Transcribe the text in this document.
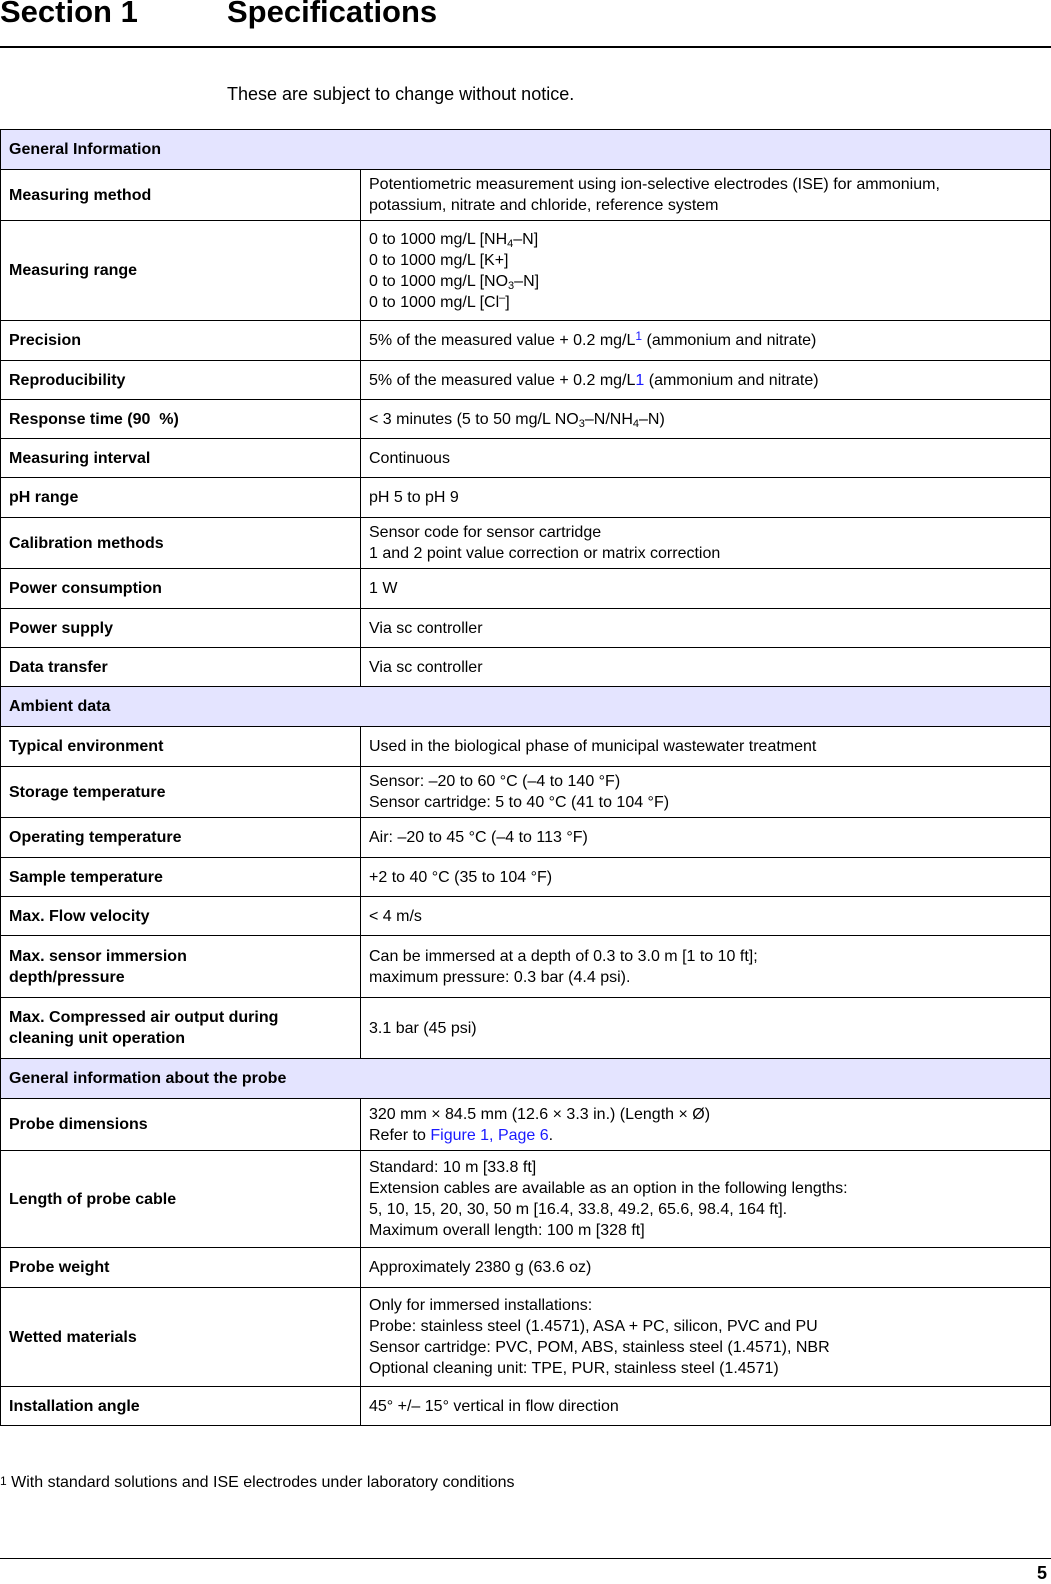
Section 1	Specifications
These are subject to change without notice.
General Information	
Measuring method	Potentiometric measurement using ion-selective electrodes (ISE) for ammonium,
potassium, nitrate and chloride, reference system
Measuring range	0 to 1000 mg/L $[NH_4-N]$
0 to 1000 mg/L [K+]
0 to 1000 mg/L $[NO_3-N]$
0 to 1000 mg/L [Cl–]
Precision	5% of the measured value + 0.2 mg/L$^1$ (ammonium and nitrate)
Reproducibility	5% of the measured value + 0.2 mg/L1 (ammonium and nitrate)
Response time (90  %)	< 3 minutes (5 to 50 mg/L $NO_3-N/NH_4-N$)
Measuring interval	Continuous
pH range	pH 5 to pH 9
Calibration methods	Sensor code for sensor cartridge
1 and 2 point value correction or matrix correction
Power consumption	1 W
Power supply	Via sc controller
Data transfer	Via sc controller
Ambient data	
Typical environment	Used in the biological phase of municipal wastewater treatment
Storage temperature	Sensor: –20 to 60 °C (–4 to 140 °F)
Sensor cartridge: 5 to 40 °C (41 to 104 °F)
Operating temperature	Air: –20 to 45 °C (–4 to 113 °F)
Sample temperature	+2 to 40 °C (35 to 104 °F)
Max. Flow velocity	< 4 m/s
Max. sensor immersion
depth/pressure	Can be immersed at a depth of 0.3 to 3.0 m [1 to 10 ft];
maximum pressure: 0.3 bar (4.4 psi).
Max. Compressed air output during
cleaning unit operation	3.1 bar (45 psi)
General information about the probe	
Probe dimensions	320 mm × 84.5 mm (12.6 × 3.3 in.) (Length × Ø)
Refer to Figure 1, Page 6.
Length of probe cable	Standard: 10 m [33.8 ft]
Extension cables are available as an option in the following lengths:
5, 10, 15, 20, 30, 50 m [16.4, 33.8, 49.2, 65.6, 98.4, 164 ft].
Maximum overall length: 100 m [328 ft]
Probe weight	Approximately 2380 g (63.6 oz)
Wetted materials	Only for immersed installations:
Probe: stainless steel (1.4571), ASA + PC, silicon, PVC and PU
Sensor cartridge: PVC, POM, ABS, stainless steel (1.4571), NBR
Optional cleaning unit: TPE, PUR, stainless steel (1.4571)
Installation angle	45° +/– 15° vertical in flow direction
1 With standard solutions and ISE electrodes under laboratory conditions
5
